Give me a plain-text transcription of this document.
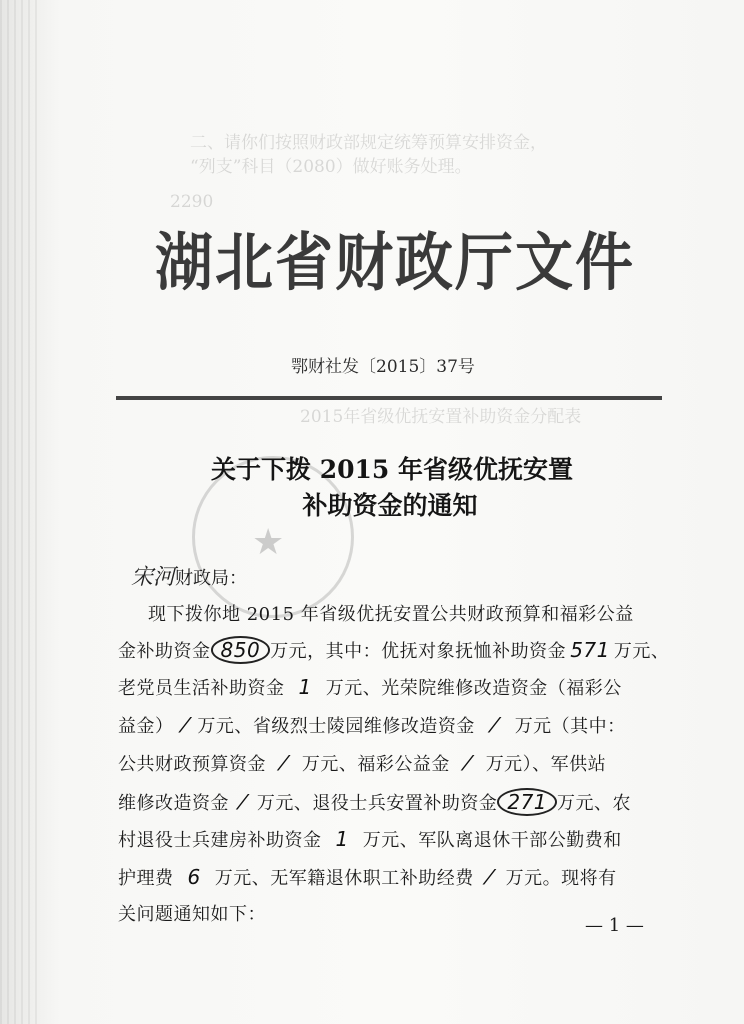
二、请你们按照财政部规定统筹预算安排资金，
“列支”科目（2080）做好账务处理。
2290
2015年省级优抚安置补助资金分配表
湖北省财政厅文件
鄂财社发〔2015〕37号
★
关于下拨 2015 年省级优抚安置
补助资金的通知
宋河财政局：
现下拨你地 2015 年省级优抚安置公共财政预算和福彩公益
金补助资金 850 万元，其中：优抚对象抚恤补助资金 571 万元、
老党员生活补助资金 1 万元、光荣院维修改造资金（福彩公
益金） ⁄ 万元、省级烈士陵园维修改造资金 ⁄ 万元（其中：
公共财政预算资金 ⁄ 万元、福彩公益金 ⁄ 万元）、军供站
维修改造资金 ⁄ 万元、退役士兵安置补助资金 271 万元、农
村退役士兵建房补助资金 1 万元、军队离退休干部公勤费和
护理费 6 万元、无军籍退休职工补助经费 ⁄ 万元。现将有
关问题通知如下：
— 1 —
